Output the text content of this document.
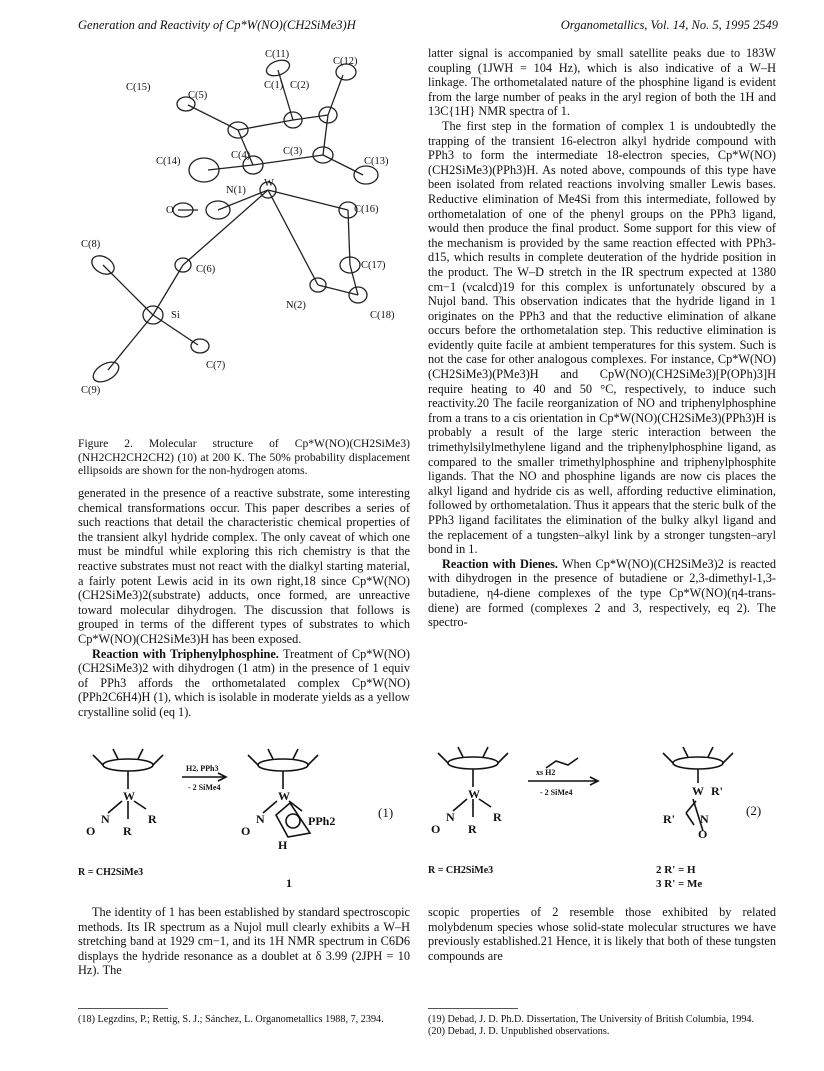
Generation and Reactivity of Cp*W(NO)(CH2SiMe3)H	Organometallics, Vol. 14, No. 5, 1995 2549
C(11)
C(12)
C(15)
C(5)
C(1) C(2)
C(3)
C(13)
C(14)
C(4)
N(1)
W
O	C(16)
C(8)
C(17)
C(6)
N(2)
Si	C(18)
C(7)
C(9)
Figure 2. Molecular structure of Cp*W(NO)(CH2SiMe3)(NH2CH2CH2CH2) (10) at 200 K. The 50% probability displacement ellipsoids are shown for the non-hydrogen atoms.

generated in the presence of a reactive substrate, some interesting chemical transformations occur. This paper describes a series of such reactions that detail the characteristic chemical properties of the transient alkyl hydride complex. The only caveat of which one must be mindful while exploring this rich chemistry is that the reactive substrates must not react with the dialkyl starting material, a fairly potent Lewis acid in its own right,18 since Cp*W(NO)(CH2SiMe3)2(substrate) adducts, once formed, are unreactive toward molecular dihydrogen. The discussion that follows is grouped in terms of the different types of substrates to which Cp*W(NO)(CH2SiMe3)H has been exposed.

Reaction with Triphenylphosphine. Treatment of Cp*W(NO)(CH2SiMe3)2 with dihydrogen (1 atm) in the presence of 1 equiv of PPh3 affords the orthometalated complex Cp*W(NO)(PPh2C6H4)H (1), which is isolable in moderate yields as a yellow crystalline solid (eq 1).

W
N
O
R
R
H2, PPh3
- 2 SiMe4
W
N
O
PPh2
H
(1)
R = CH2SiMe3
1

The identity of 1 has been established by standard spectroscopic methods. Its IR spectrum as a Nujol mull clearly exhibits a W–H stretching band at 1929 cm−1, and its 1H NMR spectrum in C6D6 displays the hydride resonance as a doublet at δ 3.99 (2JPH = 10 Hz). The

(18) Legzdins, P.; Rettig, S. J.; Sánchez, L. Organometallics 1988, 7, 2394.

latter signal is accompanied by small satellite peaks due to 183W coupling (1JWH = 104 Hz), which is also indicative of a W–H linkage. The orthometalated nature of the phosphine ligand is evident from the large number of peaks in the aryl region of both the 1H and 13C{1H} NMR spectra of 1.

The first step in the formation of complex 1 is undoubtedly the trapping of the transient 16-electron alkyl hydride compound with PPh3 to form the intermediate 18-electron species, Cp*W(NO)(CH2SiMe3)(PPh3)H. As noted above, compounds of this type have been isolated from related reactions involving smaller Lewis bases. Reductive elimination of Me4Si from this intermediate, followed by orthometalation of one of the phenyl groups on the PPh3 ligand, would then produce the final product. Some support for this view of the mechanism is provided by the same reaction effected with PPh3-d15, which results in complete deuteration of the hydride position in the product. The W–D stretch in the IR spectrum expected at 1380 cm−1 (νcalcd)19 for this complex is unfortunately obscured by a Nujol band. This observation indicates that the hydride ligand in 1 originates on the PPh3 and that the reductive elimination of alkane occurs before the orthometalation step. This reductive elimination is evidently quite facile at ambient temperatures for this system. Such is not the case for other analogous complexes. For instance, Cp*W(NO)(CH2SiMe3)(PMe3)H and CpW(NO)(CH2SiMe3)[P(OPh)3]H require heating to 40 and 50 °C, respectively, to induce such reactivity.20 The facile reorganization of NO and triphenylphosphine from a trans to a cis orientation in Cp*W(NO)(CH2SiMe3)(PPh3)H is probably a result of the large steric interaction between the trimethylsilylmethylene ligand and the triphenylphosphine ligand, as compared to the smaller trimethylphosphine and triphenylphosphite ligands. That the NO and phosphine ligands are now cis places the alkyl ligand and hydride cis as well, affording reductive elimination, followed by orthometalation. Thus it appears that the steric bulk of the PPh3 ligand facilitates the elimination of the bulky alkyl ligand and the replacement of a tungsten–alkyl link by a stronger tungsten–aryl bond in 1.

Reaction with Dienes. When Cp*W(NO)(CH2SiMe3)2 is reacted with dihydrogen in the presence of butadiene or 2,3-dimethyl-1,3-butadiene, η4-diene complexes of the type Cp*W(NO)(η4-trans-diene) are formed (complexes 2 and 3, respectively, eq 2). The spectro-

W
N
O
R
R
xs H2
- 2 SiMe4	W R'
R' N
O
(2)
R = CH2SiMe3	2 R' = H
3 R' = Me

scopic properties of 2 resemble those exhibited by related molybdenum species whose solid-state molecular structures we have previously established.21 Hence, it is likely that both of these tungsten compounds are

(19) Debad, J. D. Ph.D. Dissertation, The University of British Columbia, 1994.

(20) Debad, J. D. Unpublished observations.
